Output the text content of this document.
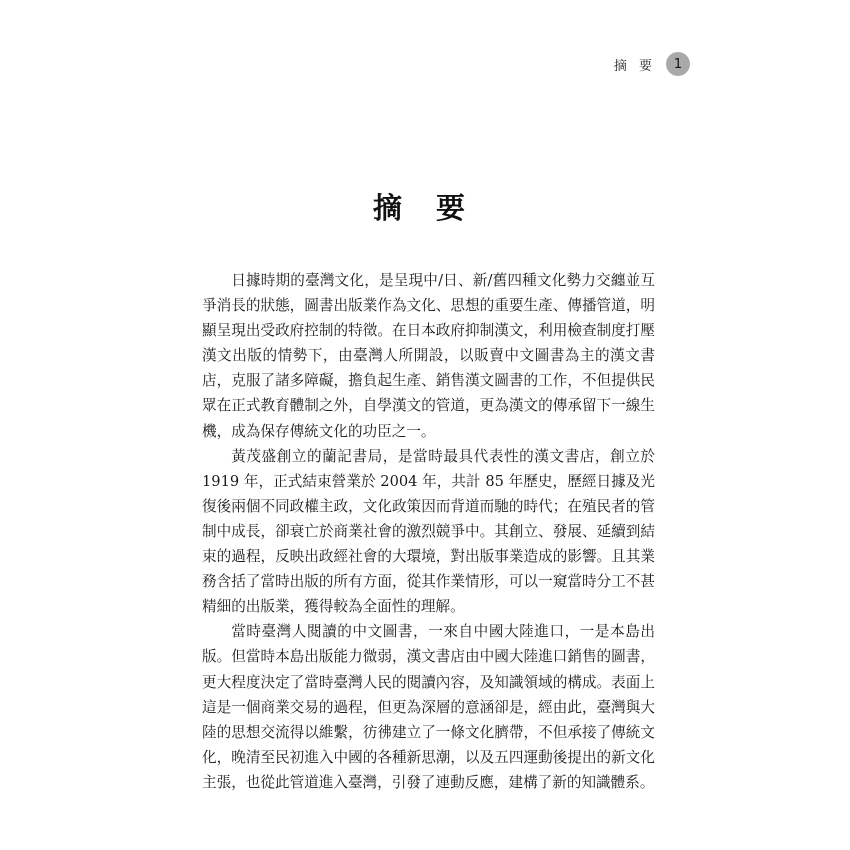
摘 要	1
摘 要

日據時期的臺灣文化，是呈現中/日、新/舊四種文化勢力交纏並互爭消長的狀態，圖書出版業作為文化、思想的重要生產、傳播管道，明顯呈現出受政府控制的特徵。在日本政府抑制漢文，利用檢查制度打壓漢文出版的情勢下，由臺灣人所開設，以販賣中文圖書為主的漢文書店，克服了諸多障礙，擔負起生產、銷售漢文圖書的工作，不但提供民眾在正式教育體制之外，自學漢文的管道，更為漢文的傳承留下一線生機，成為保存傳統文化的功臣之一。

黃茂盛創立的蘭記書局，是當時最具代表性的漢文書店，創立於 1919 年，正式結束營業於 2004 年，共計 85 年歷史，歷經日據及光復後兩個不同政權主政，文化政策因而背道而馳的時代；在殖民者的管制中成長，卻衰亡於商業社會的激烈競爭中。其創立、發展、延續到結束的過程，反映出政經社會的大環境，對出版事業造成的影響。且其業務含括了當時出版的所有方面，從其作業情形，可以一窺當時分工不甚精細的出版業，獲得較為全面性的理解。

當時臺灣人閱讀的中文圖書，一來自中國大陸進口，一是本島出版。但當時本島出版能力微弱，漢文書店由中國大陸進口銷售的圖書，更大程度決定了當時臺灣人民的閱讀內容，及知識領域的構成。表面上這是一個商業交易的過程，但更為深層的意涵卻是，經由此，臺灣與大陸的思想交流得以維繫，彷彿建立了一條文化臍帶，不但承接了傳統文化，晚清至民初進入中國的各種新思潮，以及五四運動後提出的新文化主張，也從此管道進入臺灣，引發了連動反應，建構了新的知識體系。
